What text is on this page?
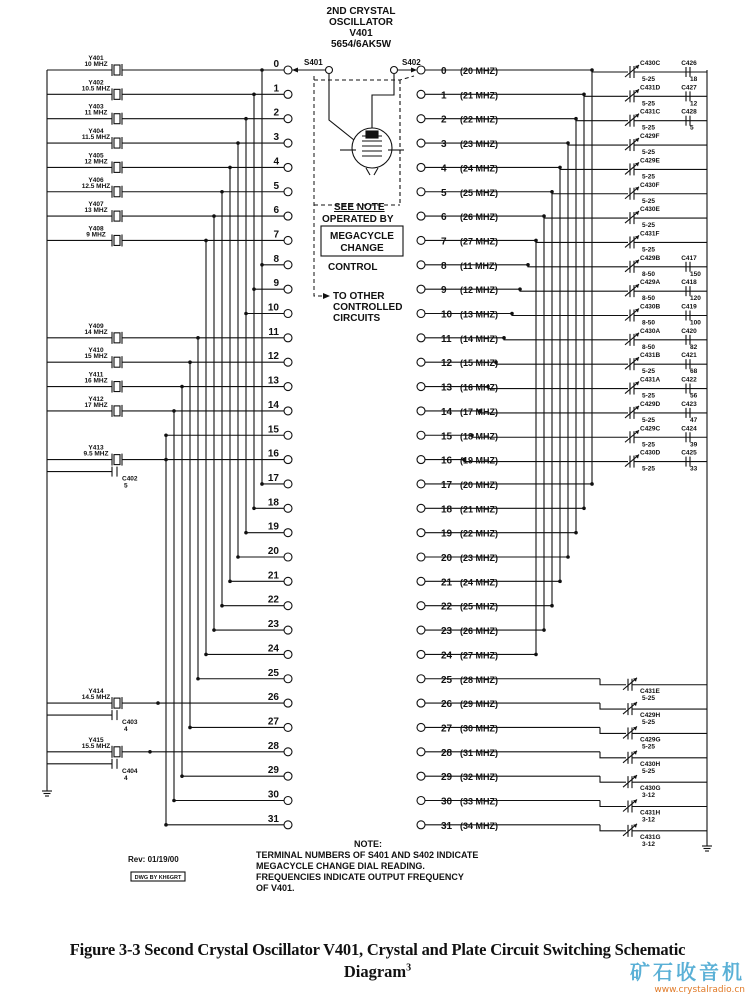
2ND CRYSTAL
OSCILLATOR
V401
5654/6AK5W
0
1
2
3
4
5
6
7
8
9
10
11
12
13
14
15
16
17
18
19
20
21
22
23
24
25
26
27
28
29
30
31
S401
0 (20 MHZ)
1 (21 MHZ)
2 (22 MHZ)
3 (23 MHZ)
4 (24 MHZ)
5 (25 MHZ)
6 (26 MHZ)
7 (27 MHZ)
8 (11 MHZ)
9 (12 MHZ)
10 (13 MHZ)
11 (14 MHZ)
12 (15 MHZ)
13 (16 MHZ)
14 (17 MHZ)
15 (18 MHZ)
16 (19 MHZ)
17 (20 MHZ)
18 (21 MHZ)
19 (22 MHZ)
20 (23 MHZ)
21 (24 MHZ)
22 (25 MHZ)
23 (26 MHZ)
24 (27 MHZ)
25 (28 MHZ)
26 (29 MHZ)
27 (30 MHZ)
28 (31 MHZ)
29 (32 MHZ)
30 (33 MHZ)
31 (34 MHZ)
S402
SEE NOTE
OPERATED BY
MEGACYCLE
CHANGE
CONTROL
TO OTHER
CONTROLLED
CIRCUITS
Y401
10 MHZ
Y402
10.5 MHZ
Y403
11 MHZ
Y404
11.5 MHZ
Y405
12 MHZ
Y406
12.5 MHZ
Y407
13 MHZ
Y408
9 MHZ
Y409
14 MHZ
Y410
15 MHZ
Y411
16 MHZ
Y412
17 MHZ
Y413
9.5 MHZ
Y414
14.5 MHZ
Y415
15.5 MHZ
C402
5
C403
4
C404
4
C430C
5-25
C426
18
C431D
5-25
C427
12
C431C
5-25
C428
5
C429F
5-25
C429E
5-25
C430F
5-25
C430E
5-25
C431F
5-25
C429B
8-50
C417
150
C429A
8-50
C418
120
C430B
8-50
C419
100
C430A
8-50
C420
82
C431B
5-25
C421
68
C431A
5-25
C422
56
C429D
5-25
C423
47
C429C
5-25
C424
39
C430D
5-25
C425
33
C431E
5-25
C429H
5-25
C429G
5-25
C430H
5-25
C430G
3-12
C431H
3-12
C431G
3-12
NOTE:
TERMINAL NUMBERS OF S401 AND S402 INDICATE
MEGACYCLE CHANGE DIAL READING.
FREQUENCIES INDICATE OUTPUT FREQUENCY
OF V401.
Rev: 01/19/00
DWG BY KH6GRT
Figure 3-3 Second Crystal Oscillator V401, Crystal and Plate Circuit Switching Schematic
Diagram$^3$	矿石收音机
www.crystalradio.cn
